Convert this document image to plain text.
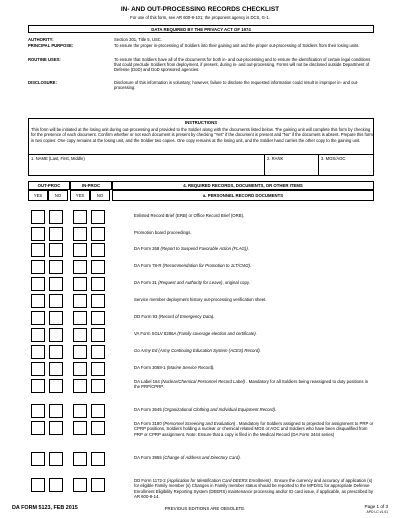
IN- AND OUT-PROCESSING RECORDS CHECKLIST
For use of this form, see AR 600-8-101; the proponent agency is DCS, G-1.
DATA REQUIRED BY THE PRIVACY ACT OF 1974
AUTHORITY:	Section 301, Title 5, USC.
PRINCIPAL PURPOSE:	To ensure the proper in-processing of Soldiers into their gaining unit and the proper out-processing of Soldiers from their losing units.
ROUTINE USES:	To ensure that Soldiers have all of the documents for both in- and out-processing and to ensure the identification of certain legal conditions that could preclude Soldiers from deployment, if present, during in- and out-processing. Forms will not be disclosed outside Department of Defense (DoD) and DoD sponsored agencies.
DISCLOSURE:	Disclosure of this information is voluntary; however, failure to disclose the requested information could result in improper in- and out-processing.
INSTRUCTIONS
This form will be initiated at the losing unit during out-processing and provided to the Soldier along with the documents listed below. The gaining unit will complete this form by checking for the presence of each document. Confirm whether or not each document is present by checking "Yes" if the document is present and "No" if the document is absent. Prepare this form in two copies: One copy remains at the losing unit, and the Soldier two copies. One copy remains at the losing unit, and the Soldier hand carries the other copy to the gaining unit.
1. NAME (Last, First, Middle)	2. RANK	3. MOS/AOC
OUT-PROC	IN-PROC	4. REQUIRED RECORDS, DOCUMENTS, OR OTHER ITEMS
YES	NO	YES	NO	a. PERSONNEL RECORD DOCUMENTS
Enlisted Record Brief (ERB) or Office Record Brief (ORB).
Promotion board proceedings.
DA Form 268 (Report to Suspend Favorable Action (FLAG)).
DA Form 78-R (Recommendation for Promotion to 1LT/CW2).
DA Form 31 (Request and Authority for Leave), original copy.
Service member deployment history out-processing verification sheet.
DD Form 93 (Record of Emergency Data).
VA Form SGLV 8286A (Family coverage election and certificate).
Go Army Ed (Army Continuing Education System (ACES) Record).
DA Form 3068-1 (Marine Service Record).
DA Label 164 (Nuclear/Chemical Personnel Record Label) . Mandatory for all Soldiers being reassigned to duty positions in the PRP/CPRP.
DA Form 3645 (Organizational Clothing and Individual Equipment Record).
DA Form 3180 (Personnel Screening and Evaluation) . Mandatory for Soldiers assigned to projected for assignment to PRP or CPRP positions, Soldiers holding a nuclear or chemical related MOS or AOC and Soldiers who have been disqualified from PRP or CPRP assignment. Note: Ensure that a copy is filed in the Medical Record (DA Form 3444 series)
DA Form 3955 (Change of Address and Directory Card).
DD Form 1172-2 (Application for Identification Card-DEERS Enrollment) . Ensure the currency and accuracy of application (s) for eligible Family member (s) Changes in Family member status should be reported to the MPD/S1 for appropriate Defense Enrollment Eligibility Reporting System (DEERS) maintenance processing and/or ID card issue, if applicable, as prescribed by AR 600-8-14.
DA FORM 5123, FEB 2015	PREVIOUS EDITIONS ARE OBSOLETE.	Page 1 of 3
APD LC v1.01
